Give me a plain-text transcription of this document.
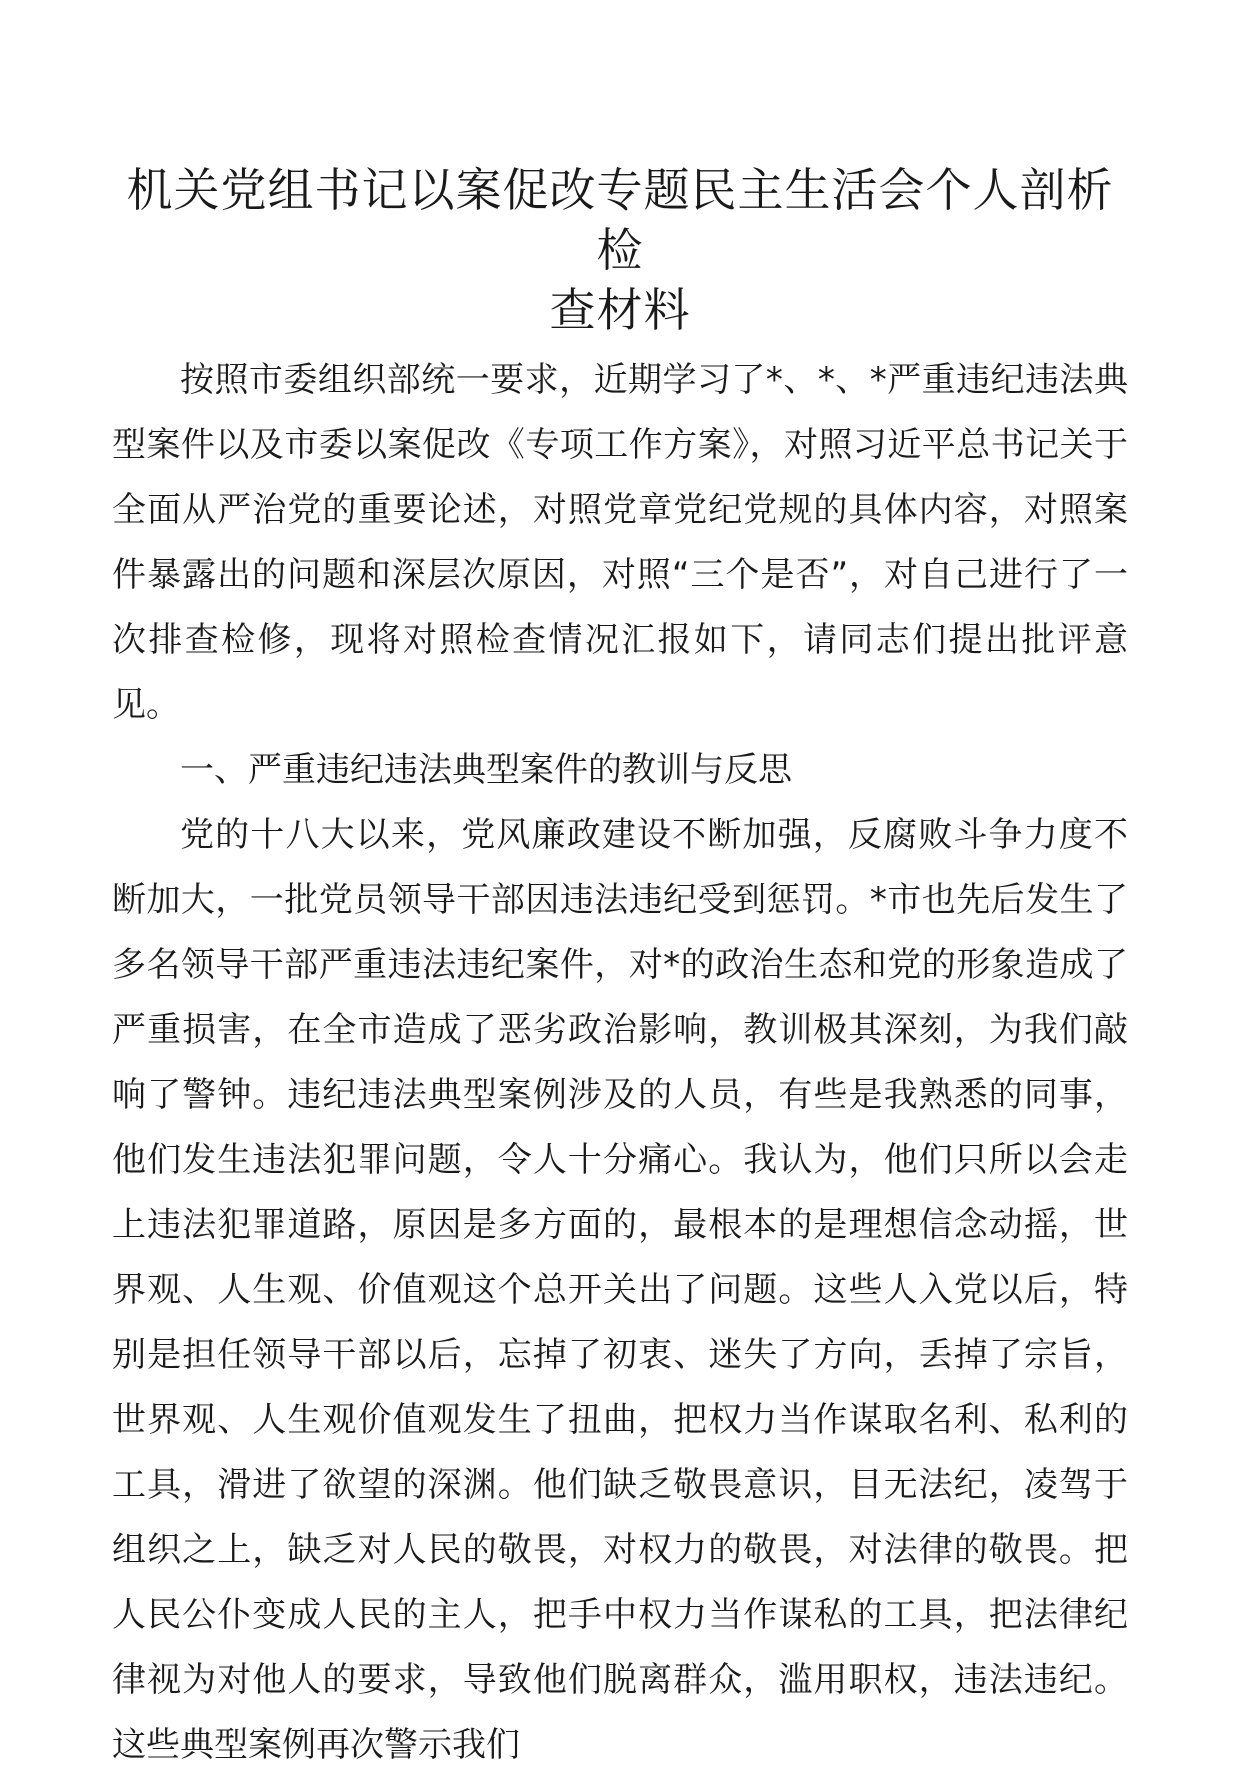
机关党组书记以案促改专题民主生活会个人剖析检
查材料

按照市委组织部统一要求，近期学习了*、*、*严重违纪违法典型案件以及市委以案促改《专项工作方案》，对照习近平总书记关于全面从严治党的重要论述，对照党章党纪党规的具体内容，对照案件暴露出的问题和深层次原因，对照“三个是否”，对自己进行了一次排查检修，现将对照检查情况汇报如下，请同志们提出批评意见。

一、严重违纪违法典型案件的教训与反思

党的十八大以来，党风廉政建设不断加强，反腐败斗争力度不断加大，一批党员领导干部因违法违纪受到惩罚。*市也先后发生了多名领导干部严重违法违纪案件，对*的政治生态和党的形象造成了严重损害，在全市造成了恶劣政治影响，教训极其深刻，为我们敲响了警钟。违纪违法典型案例涉及的人员，有些是我熟悉的同事，他们发生违法犯罪问题，令人十分痛心。我认为，他们只所以会走上违法犯罪道路，原因是多方面的，最根本的是理想信念动摇，世界观、人生观、价值观这个总开关出了问题。这些人入党以后，特别是担任领导干部以后，忘掉了初衷、迷失了方向，丢掉了宗旨，世界观、人生观价值观发生了扭曲，把权力当作谋取名利、私利的工具，滑进了欲望的深渊。他们缺乏敬畏意识，目无法纪，凌驾于组织之上，缺乏对人民的敬畏，对权力的敬畏，对法律的敬畏。把人民公仆变成人民的主人，把手中权力当作谋私的工具，把法律纪律视为对他人的要求，导致他们脱离群众，滥用职权，违法违纪。这些典型案例再次警示我们
